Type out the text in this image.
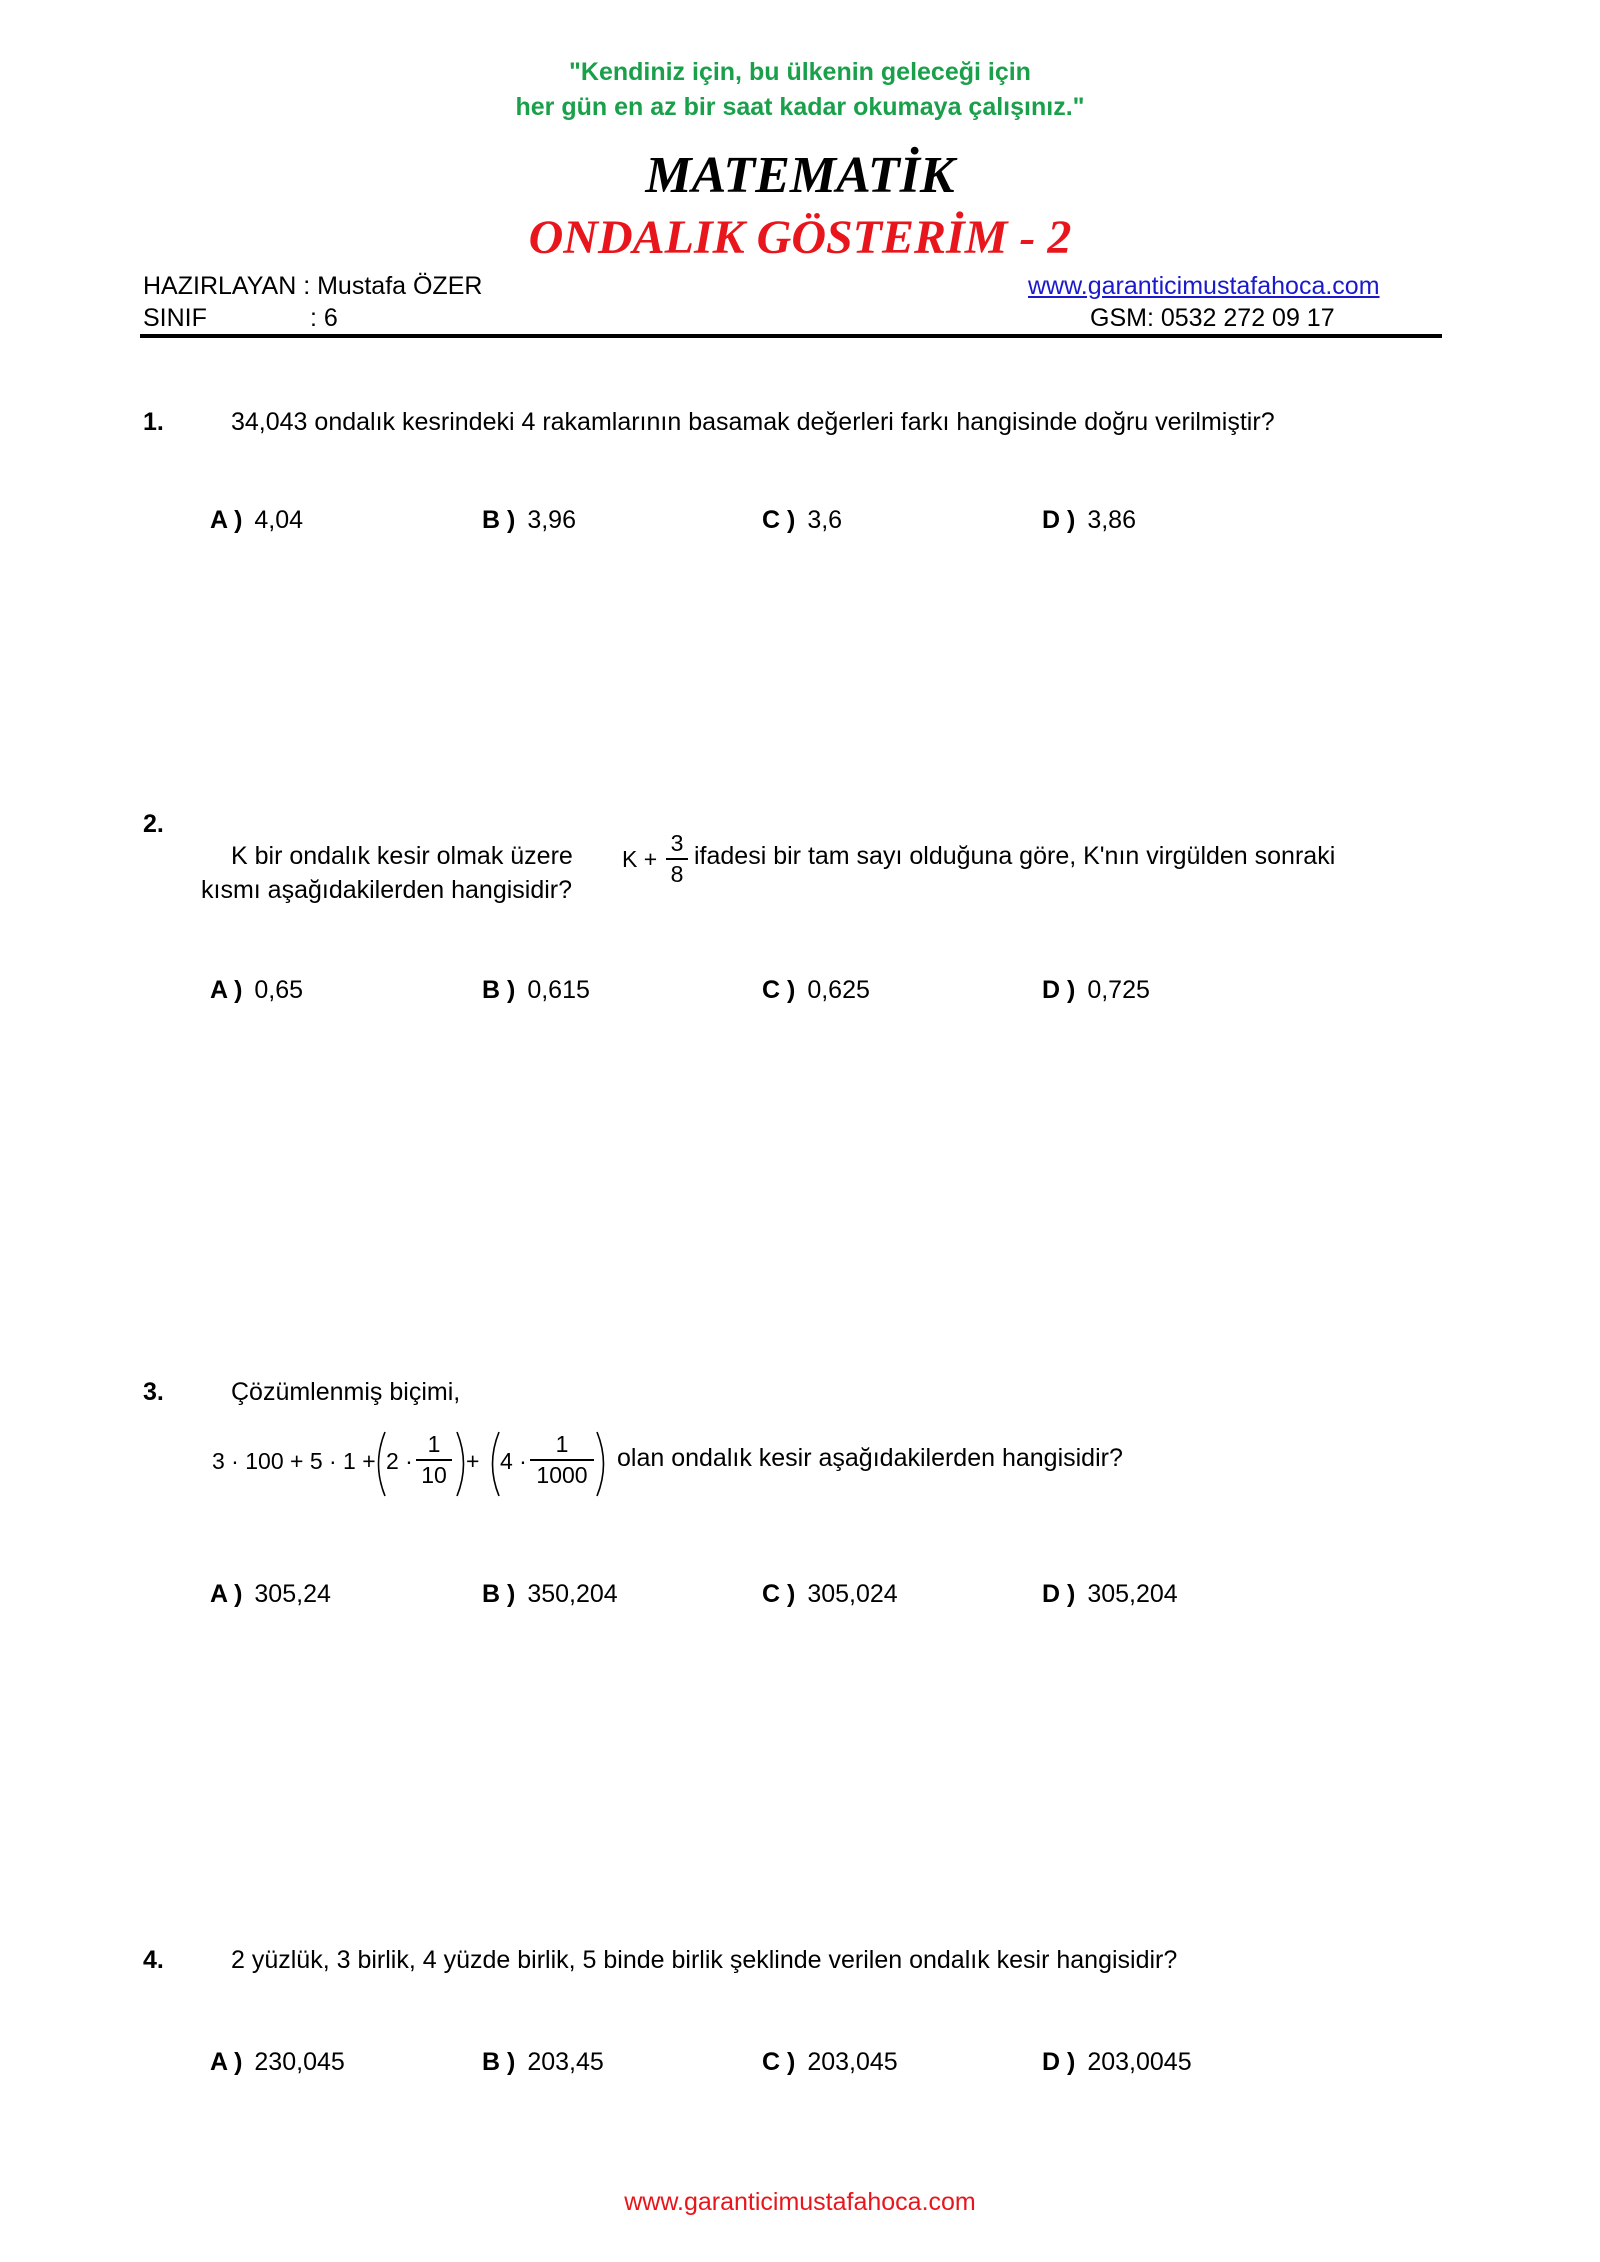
"Kendiniz için, bu ülkenin geleceği için
her gün en az bir saat kadar okumaya çalışınız."
MATEMATİK
ONDALIK GÖSTERİM - 2
HAZIRLAYAN : Mustafa ÖZER	www.garanticimustafahoca.com
SINIF	: 6	GSM: 0532 272 09 17
1.	34,043 ondalık kesrindeki 4 rakamlarının basamak değerleri farkı hangisinde doğru verilmiştir?
A ) 4,04	B ) 3,96	C ) 3,6	D ) 3,86
2.
K bir ondalık kesir olmak üzere K +
3
8
ifadesi bir tam sayı olduğuna göre, K'nın virgülden sonraki
kısmı aşağıdakilerden hangisidir?
A ) 0,65	B ) 0,615	C ) 0,625	D ) 0,725
3.	Çözümlenmiş biçimi,
3 · 100 + 5 · 1 + 2 ·
1
10
+ 4 ·
1
1000
olan ondalık kesir aşağıdakilerden hangisidir?
A ) 305,24	B ) 350,204	C ) 305,024	D ) 305,204
4.	2 yüzlük, 3 birlik, 4 yüzde birlik, 5 binde birlik şeklinde verilen ondalık kesir hangisidir?
A ) 230,045	B ) 203,45	C ) 203,045	D ) 203,0045
www.garanticimustafahoca.com
